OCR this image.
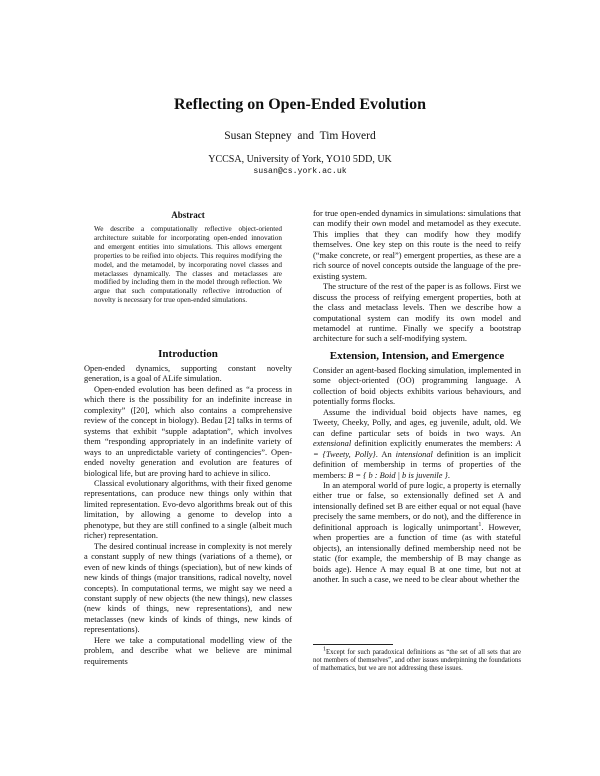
Reflecting on Open-Ended Evolution
Susan Stepney  and  Tim Hoverd
YCCSA, University of York, YO10 5DD, UK
susan@cs.york.ac.uk
Abstract
We describe a computationally reflective object-oriented architecture suitable for incorporating open-ended innovation and emergent entities into simulations. This allows emergent properties to be reified into objects. This requires modifying the model, and the metamodel, by incorporating novel classes and metaclasses dynamically. The classes and metaclasses are modified by including them in the model through reflection. We argue that such computationally reflective introduction of novelty is necessary for true open-ended simulations.
Introduction

Open-ended dynamics, supporting constant novelty generation, is a goal of ALife simulation.

Open-ended evolution has been defined as “a process in which there is the possibility for an indefinite increase in complexity” ([20], which also contains a comprehensive review of the concept in biology). Bedau [2] talks in terms of systems that exhibit “supple adaptation”, which involves them “responding appropriately in an indefinite variety of ways to an unpredictable variety of contingencies”. Open-ended novelty generation and evolution are features of biological life, but are proving hard to achieve in silico.

Classical evolutionary algorithms, with their fixed genome representations, can produce new things only within that limited representation. Evo-devo algorithms break out of this limitation, by allowing a genome to develop into a phenotype, but they are still confined to a single (albeit much richer) representation.

The desired continual increase in complexity is not merely a constant supply of new things (variations of a theme), or even of new kinds of things (speciation), but of new kinds of new kinds of things (major transitions, radical novelty, novel concepts). In computational terms, we might say we need a constant supply of new objects (the new things), new classes (new kinds of things, new representations), and new metaclasses (new kinds of kinds of things, new kinds of representations).

Here we take a computational modelling view of the problem, and describe what we believe are minimal requirements

for true open-ended dynamics in simulations: simulations that can modify their own model and metamodel as they execute. This implies that they can modify how they modify themselves. One key step on this route is the need to reify (“make concrete, or real”) emergent properties, as these are a rich source of novel concepts outside the language of the pre-existing system.

The structure of the rest of the paper is as follows. First we discuss the process of reifying emergent properties, both at the class and metaclass levels. Then we describe how a computational system can modify its own model and metamodel at runtime. Finally we specify a bootstrap architecture for such a self-modifying system.

Extension, Intension, and Emergence

Consider an agent-based flocking simulation, implemented in some object-oriented (OO) programming language. A collection of boid objects exhibits various behaviours, and potentially forms flocks.

Assume the individual boid objects have names, eg Tweety, Cheeky, Polly, and ages, eg juvenile, adult, old. We can define particular sets of boids in two ways. An extensional definition explicitly enumerates the members: A = {Tweety, Polly}. An intensional definition is an implicit definition of membership in terms of properties of the members: B = { b : Boid | b is juvenile }.

In an atemporal world of pure logic, a property is eternally either true or false, so extensionally defined set A and intensionally defined set B are either equal or not equal (have precisely the same members, or do not), and the difference in definitional approach is logically unimportant$^1$. However, when properties are a function of time (as with stateful objects), an intensionally defined membership need not be static (for example, the membership of B may change as boids age). Hence A may equal B at one time, but not at another. In such a case, we need to be clear about whether the

$^1$Except for such paradoxical definitions as “the set of all sets that are not members of themselves”, and other issues underpinning the foundations of mathematics, but we are not addressing these issues.
